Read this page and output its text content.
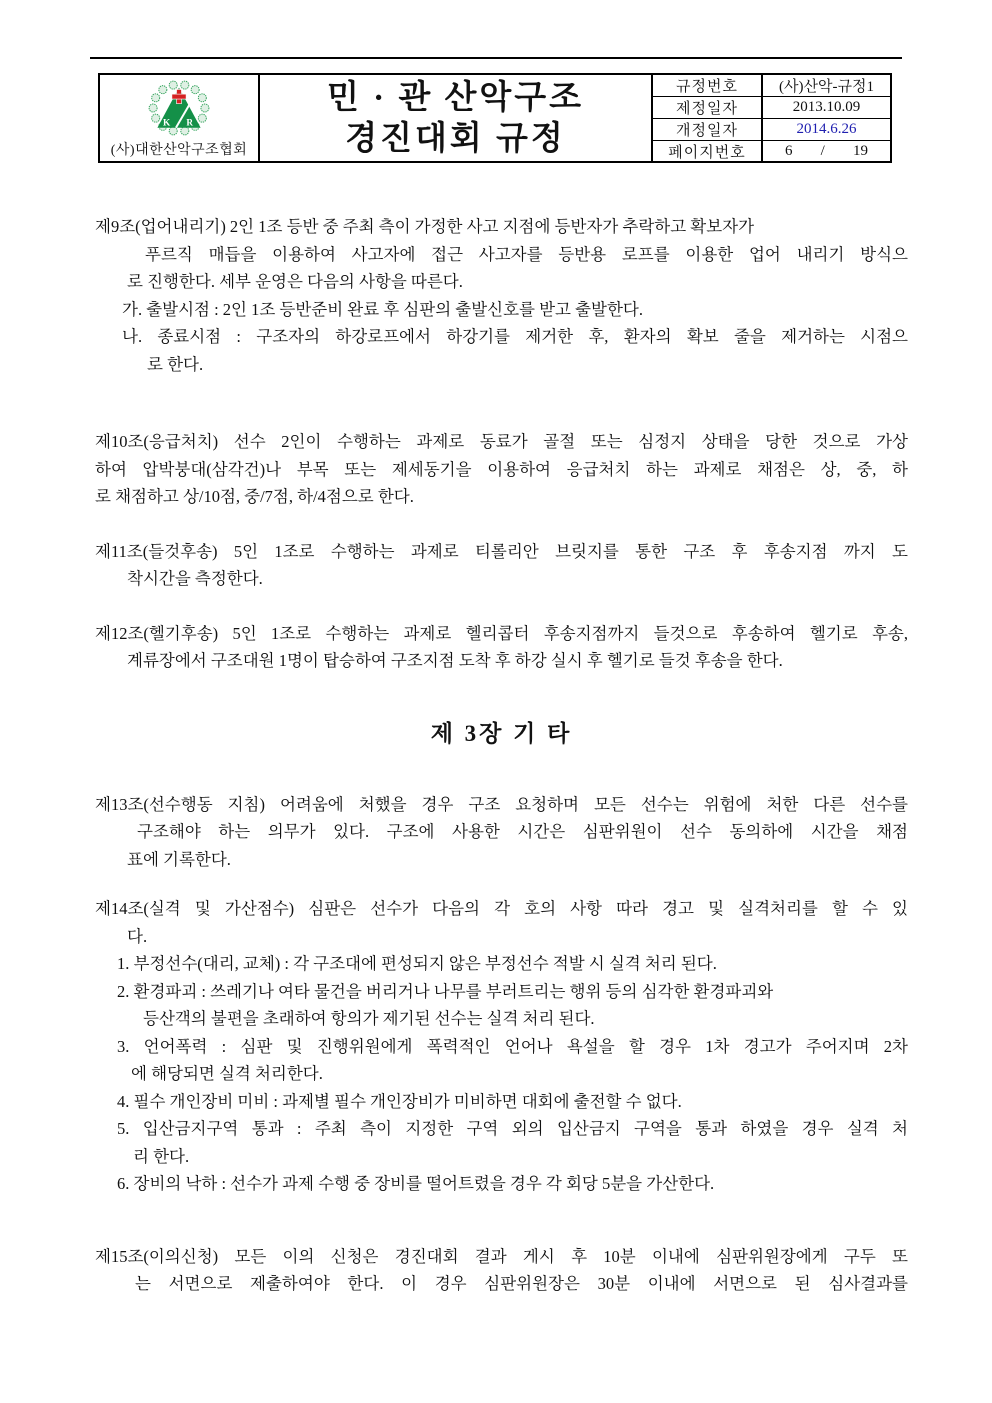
K R
(사)대한산악구조협회
민 · 관 산악구조
경진대회 규정
규정번호	(사)산악-규정1
제정일자	2013.10.09
개정일자	2014.6.26
페이지번호	6 / 19
제9조(업어내리기) 2인 1조 등반 중 주최 측이 가정한 사고 지점에 등반자가 추락하고 확보자가
푸르직 매듭을 이용하여 사고자에 접근 사고자를 등반용 로프를 이용한 업어 내리기 방식으
로 진행한다. 세부 운영은 다음의 사항을 따른다.
가. 출발시점 : 2인 1조 등반준비 완료 후 심판의 출발신호를 받고 출발한다.
나. 종료시점 : 구조자의 하강로프에서 하강기를 제거한 후, 환자의 확보 줄을 제거하는 시점으
로 한다.
제10조(응급처치) 선수 2인이 수행하는 과제로 동료가 골절 또는 심정지 상태을 당한 것으로 가상
하여 압박붕대(삼각건)나 부목 또는 제세동기을 이용하여 응급처치 하는 과제로 채점은 상, 중, 하
로 채점하고 상/10점, 중/7점, 하/4점으로 한다.
제11조(들것후송) 5인 1조로 수행하는 과제로 티롤리안 브릿지를 통한 구조 후 후송지점 까지 도
착시간을 측정한다.
제12조(헬기후송) 5인 1조로 수행하는 과제로 헬리콥터 후송지점까지 들것으로 후송하여 헬기로 후송,
계류장에서 구조대원 1명이 탑승하여 구조지점 도착 후 하강 실시 후 헬기로 들것 후송을 한다.
제 3장 기 타
제13조(선수행동 지침) 어려움에 처했을 경우 구조 요청하며 모든 선수는 위험에 처한 다른 선수를
구조해야 하는 의무가 있다. 구조에 사용한 시간은 심판위원이 선수 동의하에 시간을 채점
표에 기록한다.
제14조(실격 및 가산점수) 심판은 선수가 다음의 각 호의 사항 따라 경고 및 실격처리를 할 수 있
다.
1. 부정선수(대리, 교체) : 각 구조대에 편성되지 않은 부정선수 적발 시 실격 처리 된다.
2. 환경파괴 : 쓰레기나 여타 물건을 버리거나 나무를 부러트리는 행위 등의 심각한 환경파괴와
등산객의 불편을 초래하여 항의가 제기된 선수는 실격 처리 된다.
3. 언어폭력 : 심판 및 진행위원에게 폭력적인 언어나 욕설을 할 경우 1차 경고가 주어지며 2차
에 해당되면 실격 처리한다.
4. 필수 개인장비 미비 : 과제별 필수 개인장비가 미비하면 대회에 출전할 수 없다.
5. 입산금지구역 통과 : 주최 측이 지정한 구역 외의 입산금지 구역을 통과 하였을 경우 실격 처
리 한다.
6. 장비의 낙하 : 선수가 과제 수행 중 장비를 떨어트렸을 경우 각 회당 5분을 가산한다.
제15조(이의신청) 모든 이의 신청은 경진대회 결과 게시 후 10분 이내에 심판위원장에게 구두 또
는 서면으로 제출하여야 한다. 이 경우 심판위원장은 30분 이내에 서면으로 된 심사결과를
